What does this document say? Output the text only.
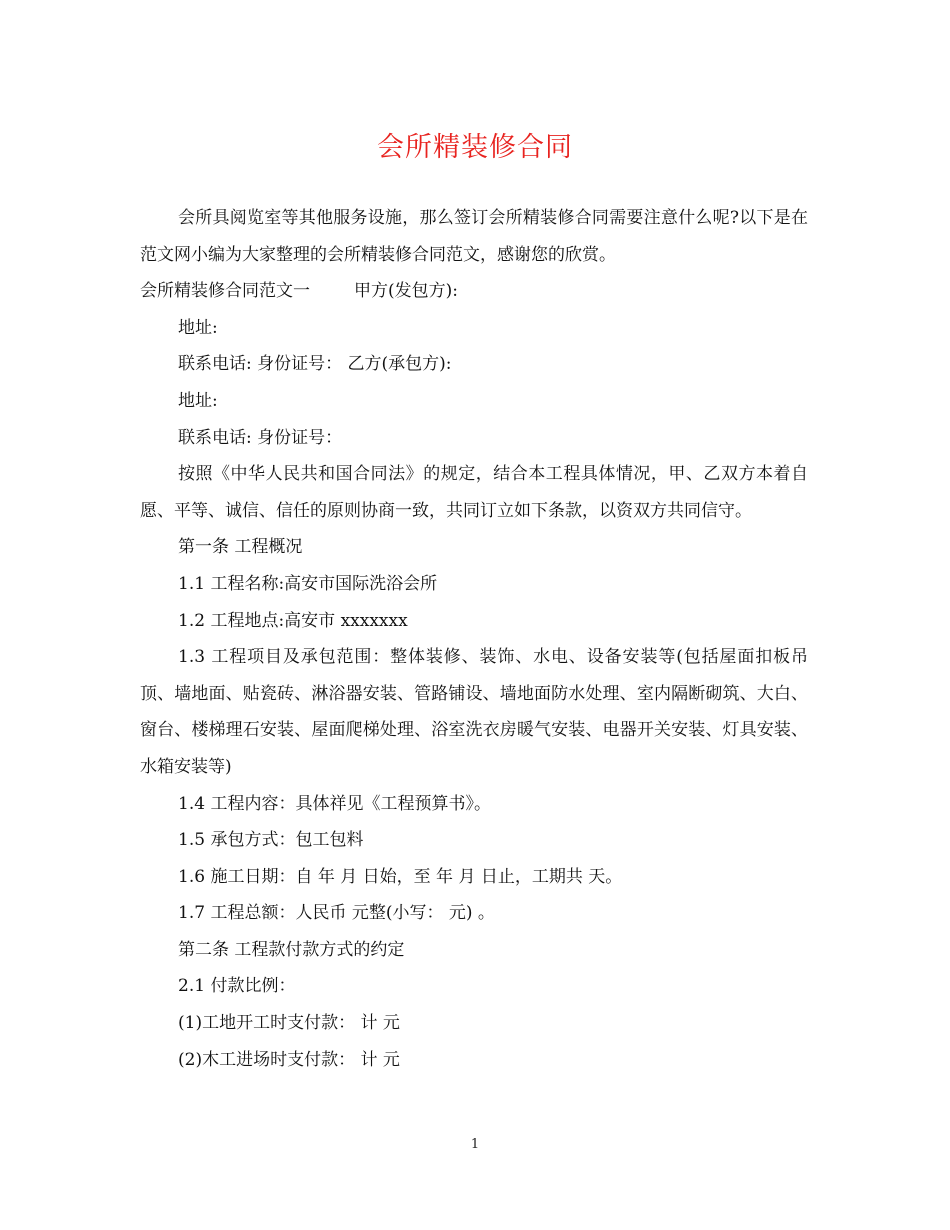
会所精装修合同

会所具阅览室等其他服务设施，那么签订会所精装修合同需要注意什么呢?以下是在范文网小编为大家整理的会所精装修合同范文，感谢您的欣赏。

会所精装修合同范文一	甲方(发包方):

地址:

联系电话: 身份证号： 乙方(承包方):

地址:

联系电话: 身份证号：

按照《中华人民共和国合同法》的规定，结合本工程具体情况，甲、乙双方本着自愿、平等、诚信、信任的原则协商一致，共同订立如下条款，以资双方共同信守。

第一条 工程概况

1.1 工程名称:高安市国际洗浴会所

1.2 工程地点:高安市 xxxxxxx

1.3 工程项目及承包范围：整体装修、装饰、水电、设备安装等(包括屋面扣板吊顶、墙地面、贴瓷砖、淋浴器安装、管路铺设、墙地面防水处理、室内隔断砌筑、大白、窗台、楼梯理石安装、屋面爬梯处理、浴室洗衣房暖气安装、电器开关安装、灯具安装、水箱安装等)

1.4 工程内容：具体祥见《工程预算书》。

1.5 承包方式：包工包料

1.6 施工日期：自 年 月 日始，至 年 月 日止，工期共 天。

1.7 工程总额：人民币 元整(小写： 元) 。

第二条 工程款付款方式的约定

2.1 付款比例：

(1)工地开工时支付款： 计 元

(2)木工进场时支付款： 计 元

1
